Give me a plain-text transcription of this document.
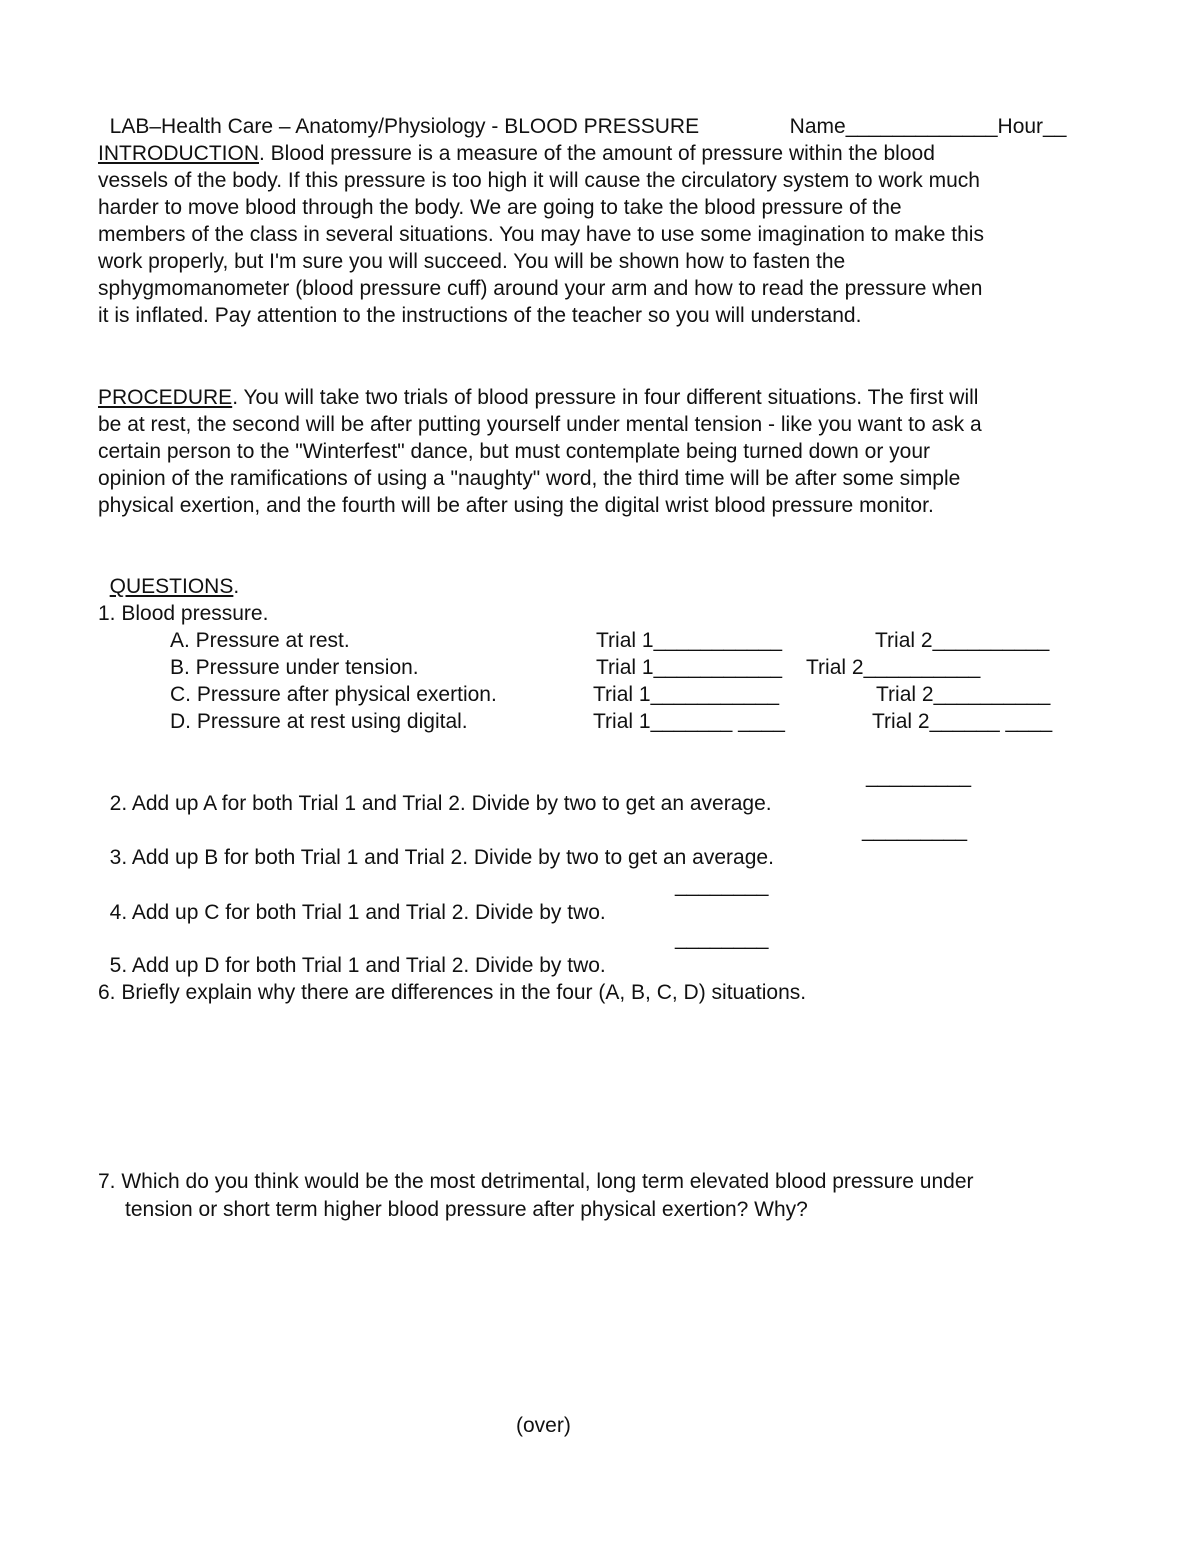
LAB–Health Care – Anatomy/Physiology - BLOOD PRESSURE	Name_____________Hour__

INTRODUCTION. Blood pressure is a measure of the amount of pressure within the blood
vessels of the body. If this pressure is too high it will cause the circulatory system to work much
harder to move blood through the body. We are going to take the blood pressure of the
members of the class in several situations. You may have to use some imagination to make this
work properly, but I'm sure you will succeed. You will be shown how to fasten the
sphygmomanometer (blood pressure cuff) around your arm and how to read the pressure when
it is inflated. Pay attention to the instructions of the teacher so you will understand.
PROCEDURE. You will take two trials of blood pressure in four different situations. The first will
be at rest, the second will be after putting yourself under mental tension - like you want to ask a
certain person to the "Winterfest" dance, but must contemplate being turned down or your
opinion of the ramifications of using a "naughty" word, the third time will be after some simple
physical exertion, and the fourth will be after using the digital wrist blood pressure monitor.

QUESTIONS.

1. Blood pressure.
A. Pressure at rest.	Trial 1___________	Trial 2__________
B. Pressure under tension.	Trial 1___________ Trial 2__________
C. Pressure after physical exertion.	Trial 1___________	Trial 2__________
D. Pressure at rest using digital.	Trial 1_______ ____	Trial 2______ ____

2. Add up A for both Trial 1 and Trial 2. Divide by two to get an average.

_________

3. Add up B for both Trial 1 and Trial 2. Divide by two to get an average.

_________

4. Add up C for both Trial 1 and Trial 2. Divide by two.

________

5. Add up D for both Trial 1 and Trial 2. Divide by two.

________
6. Briefly explain why there are differences in the four (A, B, C, D) situations.
7. Which do you think would be the most detrimental, long term elevated blood pressure under
tension or short term higher blood pressure after physical exertion? Why?
(over)
